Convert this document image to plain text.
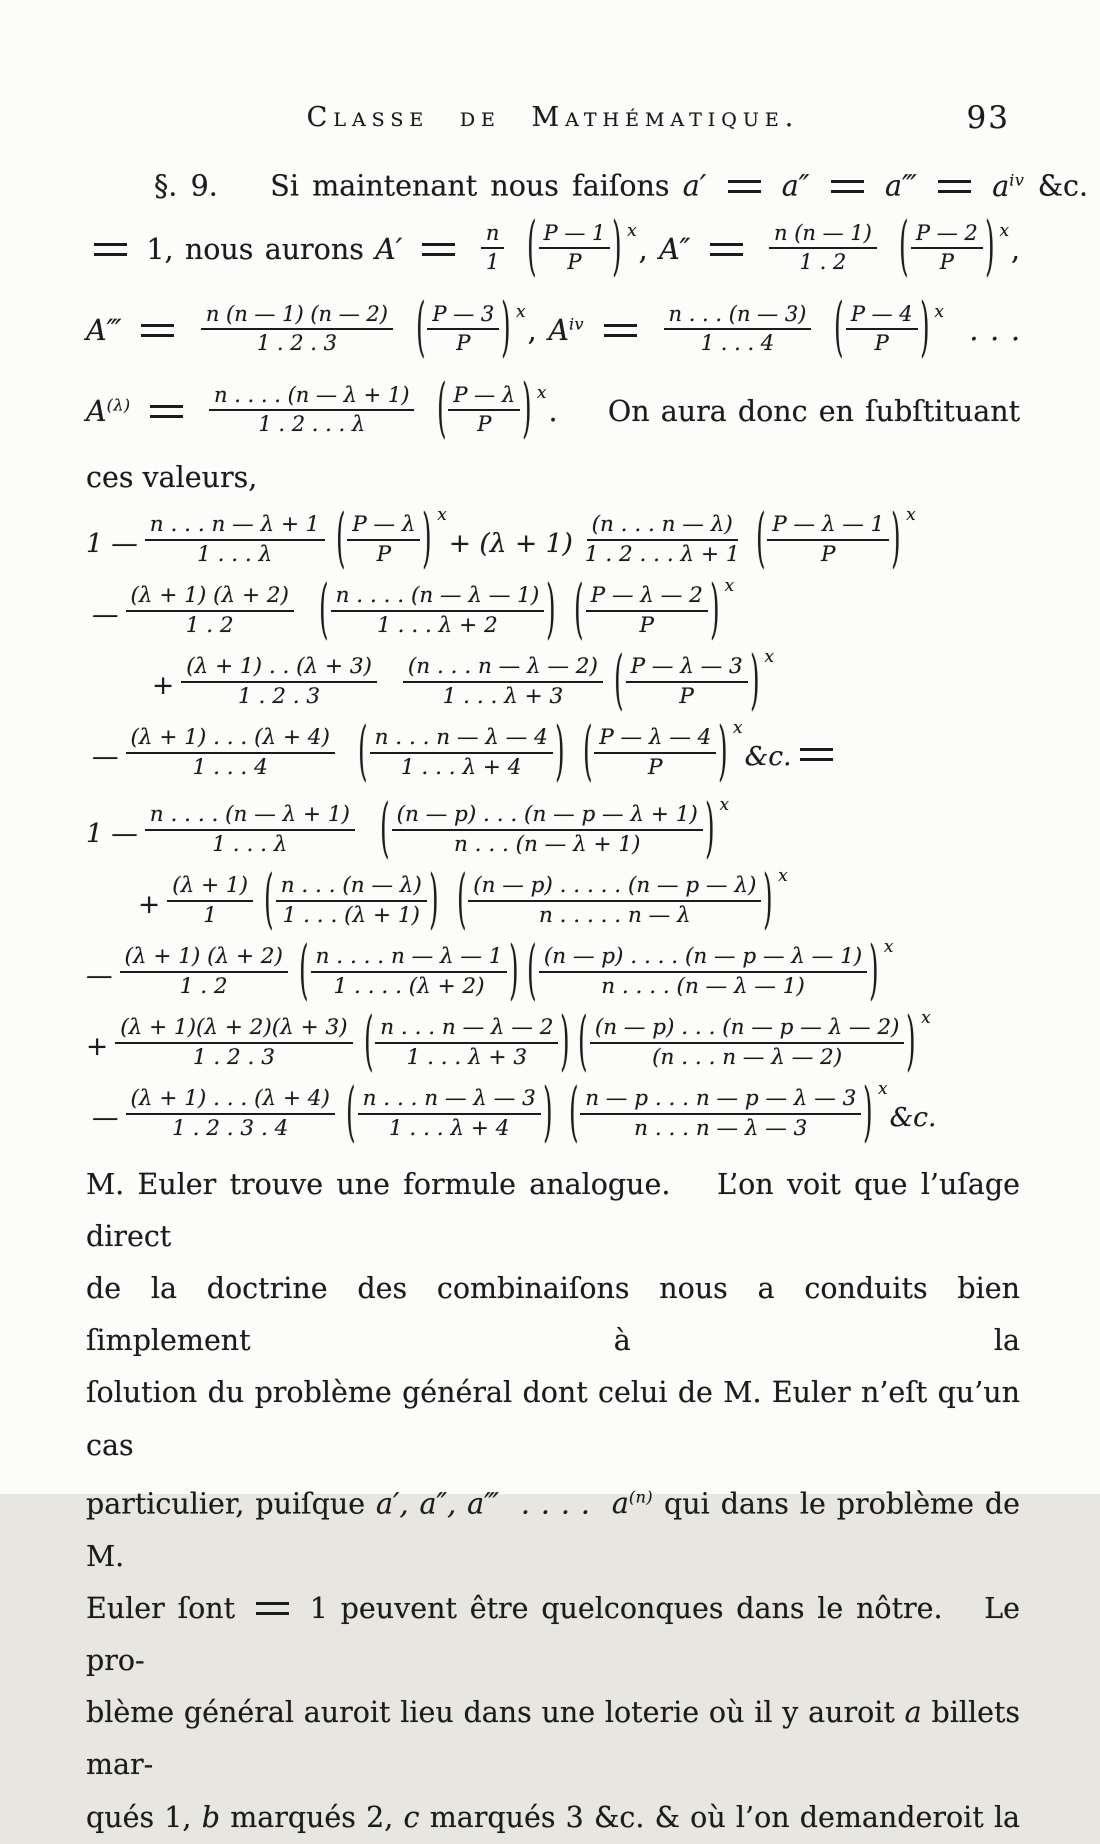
Classe de Mathématique.	93
§. 9. Si maintenant nous faiſons a′	a″	a‴	$a^{iv}$ &c.
1, nous aurons A′	$\frac{n}{1}$
( $\frac{P — 1}{P}$ ) $^x$
, A″	$\frac{n (n — 1)}{1 . 2}$
( $\frac{P — 2}{P}$ ) $^x$
,
A‴	$\frac{n (n — 1) (n — 2)}{1 . 2 . 3}$
( $\frac{P — 3}{P}$ ) $^x$
, $A^{iv}$	$\frac{n . . . (n — 3)}{1 . . . 4}$
( $\frac{P — 4}{P}$ ) $^x$
. . .
$A^{(\lambda)}$	$\frac{n . . . . (n — \lambda + 1)}{1 . 2 . . . \lambda}$
( $\frac{P — \lambda}{P}$ ) $^x$
. On aura donc en ſubſtituant
ces valeurs,
1 — $\frac{n . . . n — \lambda + 1}{1 . . . \lambda}$ ( $\frac{P — \lambda}{P}$ ) $^x$
+ $(\lambda + 1) \frac{(n . . . n — \lambda)}{1 . 2 . . . \lambda + 1}$ ( $\frac{P — \lambda — 1}{P}$ ) $^x$
— $\frac{(\lambda + 1) (\lambda + 2)}{1 . 2}$ ( $\frac{n . . . . (n — \lambda — 1)}{1 . . . \lambda + 2}$ ) ( $\frac{P — \lambda — 2}{P}$ ) $^x$
+ $\frac{(\lambda + 1) . . (\lambda + 3)}{1 . 2 . 3} \frac{(n . . . n — \lambda — 2)}{1 . . . \lambda + 3}$ ( $\frac{P — \lambda — 3}{P}$ ) $^x$
— $\frac{(\lambda + 1) . . . (\lambda + 4)}{1 . . . 4}$ ( $\frac{n . . . n — \lambda — 4}{1 . . . \lambda + 4}$ ) ( $\frac{P — \lambda — 4}{P}$ ) $^x$
&c.
1 — $\frac{n . . . . (n — \lambda + 1)}{1 . . . \lambda}$ ( $\frac{(n — p) . . . (n — p — \lambda + 1)}{n . . . (n — \lambda + 1)}$ ) $^x$
+ $\frac{(\lambda + 1)}{1}$ ( $\frac{n . . . (n — \lambda)}{1 . . . (\lambda + 1)}$ ) ( $\frac{(n — p) . . . . . (n — p — \lambda)}{n . . . . . n — \lambda}$ ) $^x$
— $\frac{(\lambda + 1) (\lambda + 2)}{1 . 2}$ ( $\frac{n . . . . n — \lambda — 1}{1 . . . . (\lambda + 2)}$ ) ( $\frac{(n — p) . . . . (n — p — \lambda — 1)}{n . . . . (n — \lambda — 1)}$ ) $^x$
+ $\frac{(\lambda + 1)(\lambda + 2)(\lambda + 3)}{1 . 2 . 3}$ ( $\frac{n . . . n — \lambda — 2}{1 . . . \lambda + 3}$ ) ( $\frac{(n — p) . . . (n — p — \lambda — 2)}{(n . . . n — \lambda — 2)}$ ) $^x$
— $\frac{(\lambda + 1) . . . (\lambda + 4)}{1 . 2 . 3 . 4}$ ( $\frac{n . . . n — \lambda — 3}{1 . . . \lambda + 4}$ ) ( $\frac{n — p . . . n — p — \lambda — 3}{n . . . n — \lambda — 3}$ ) $^x$
&c.
M. Euler trouve une formule analogue. L’on voit que l’uſage direct
de la doctrine des combinaiſons nous a conduits bien ſimplement à la
ſolution du problème général dont celui de M. Euler n’eſt qu’un cas
particulier, puiſque a′, a″, a‴  . . . .  $a^{(n)}$ qui dans le problème de M.
Euler ſont	1 peuvent être quelconques dans le nôtre. Le pro-
blème général auroit lieu dans une loterie où il y auroit a billets mar-
qués 1, b marqués 2, c marqués 3 &c. & où l’on demanderoit la
